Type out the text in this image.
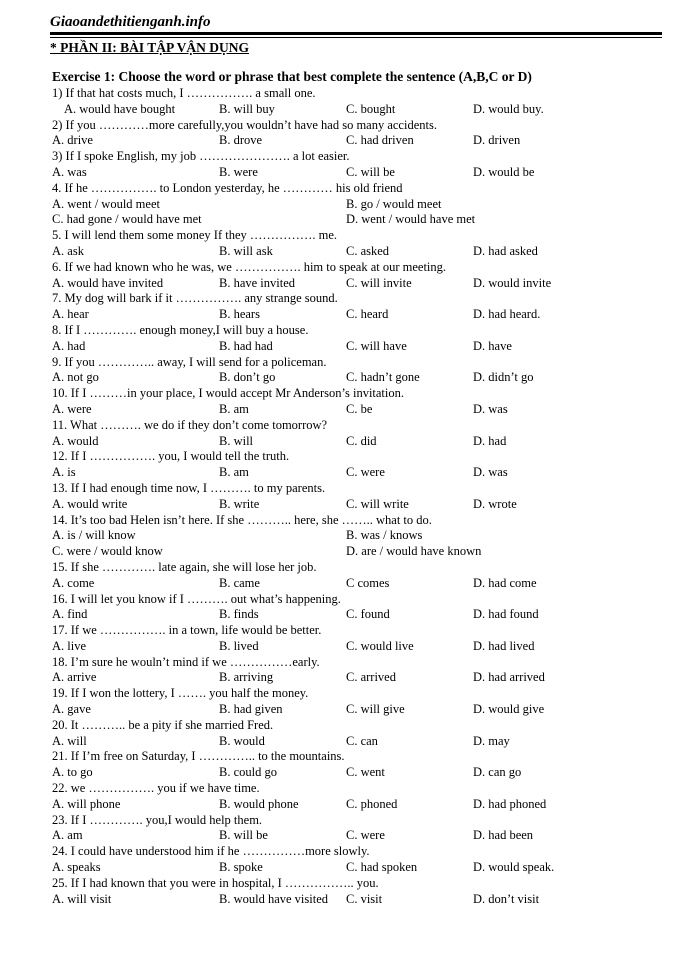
Giaoandethitienganh.info
* PHẦN II: BÀI TẬP VẬN DỤNG
Exercise 1: Choose the word or phrase that best complete the sentence (A,B,C or D)
1) If that hat costs much, I ……………. a small one.
A. would have bought	B. will buy	C. bought	D. would buy.
2) If you …………more carefully,you wouldn’t have had so many accidents.
A. drive	B. drove	C. had driven	D. driven
3) If I spoke English, my job …………………. a lot easier.
A. was	B. were	C. will be	D. would be
4. If he ……………. to London yesterday, he ………… his old friend
A. went / would meet	B. go / would meet
C. had gone / would have met	D. went / would have met
5. I will lend them some money If they ……………. me.
A. ask	B. will ask	C. asked	D. had asked
6. If we had known who he was, we ……………. him to speak at our meeting.
A. would have invited	B. have invited	C. will invite	D. would invite
7. My dog will bark if it ……………. any strange sound.
A. hear	B. hears	C. heard	D. had heard.
8. If I …………. enough money,I will buy a house.
A. had	B. had had	C. will have	D. have
9. If you ………….. away, I will send for a policeman.
A. not go	B. don’t go	C. hadn’t gone	D. didn’t go
10. If I ………in your place, I would accept Mr Anderson’s invitation.
A. were	B. am	C. be	D. was
11. What ………. we do if they don’t come tomorrow?
A. would	B. will	C. did	D. had
12. If I ……………. you, I would tell the truth.
A. is	B. am	C. were	D. was
13. If I had enough time now, I ………. to my parents.
A. would write	B. write	C. will write	D. wrote
14. It’s too bad Helen isn’t here. If she ……….. here, she …….. what to do.
A. is / will know	B. was / knows
C. were / would know	D. are / would have known
15. If she …………. late again, she will lose her job.
A. come	B. came	C comes	D. had come
16. I will let you know if I ………. out what’s happening.
A. find	B. finds	C. found	D. had found
17. If we ……………. in a town, life would be better.
A. live	B. lived	C. would live	D. had lived
18. I’m sure he wouln’t mind if we ……………early.
A. arrive	B. arriving	C. arrived	D. had arrived
19. If I won the lottery, I ……. you half the money.
A. gave	B. had given	C. will give	D. would give
20. It ……….. be a pity if she married Fred.
A. will	B. would	C. can	D. may
21. If I’m free on Saturday, I ………….. to the mountains.
A. to go	B. could go	C. went	D. can go
22. we ……………. you if we have time.
A. will phone	B. would phone	C. phoned	D. had phoned
23. If I …………. you,I would help them.
A. am	B. will be	C. were	D. had been
24. I could have understood him if he ……………more slowly.
A. speaks	B. spoke	C. had spoken	D. would speak.
25. If I had known that you were in hospital, I …………….. you.
A. will visit	B. would have visited C. visit	D. don’t visit
